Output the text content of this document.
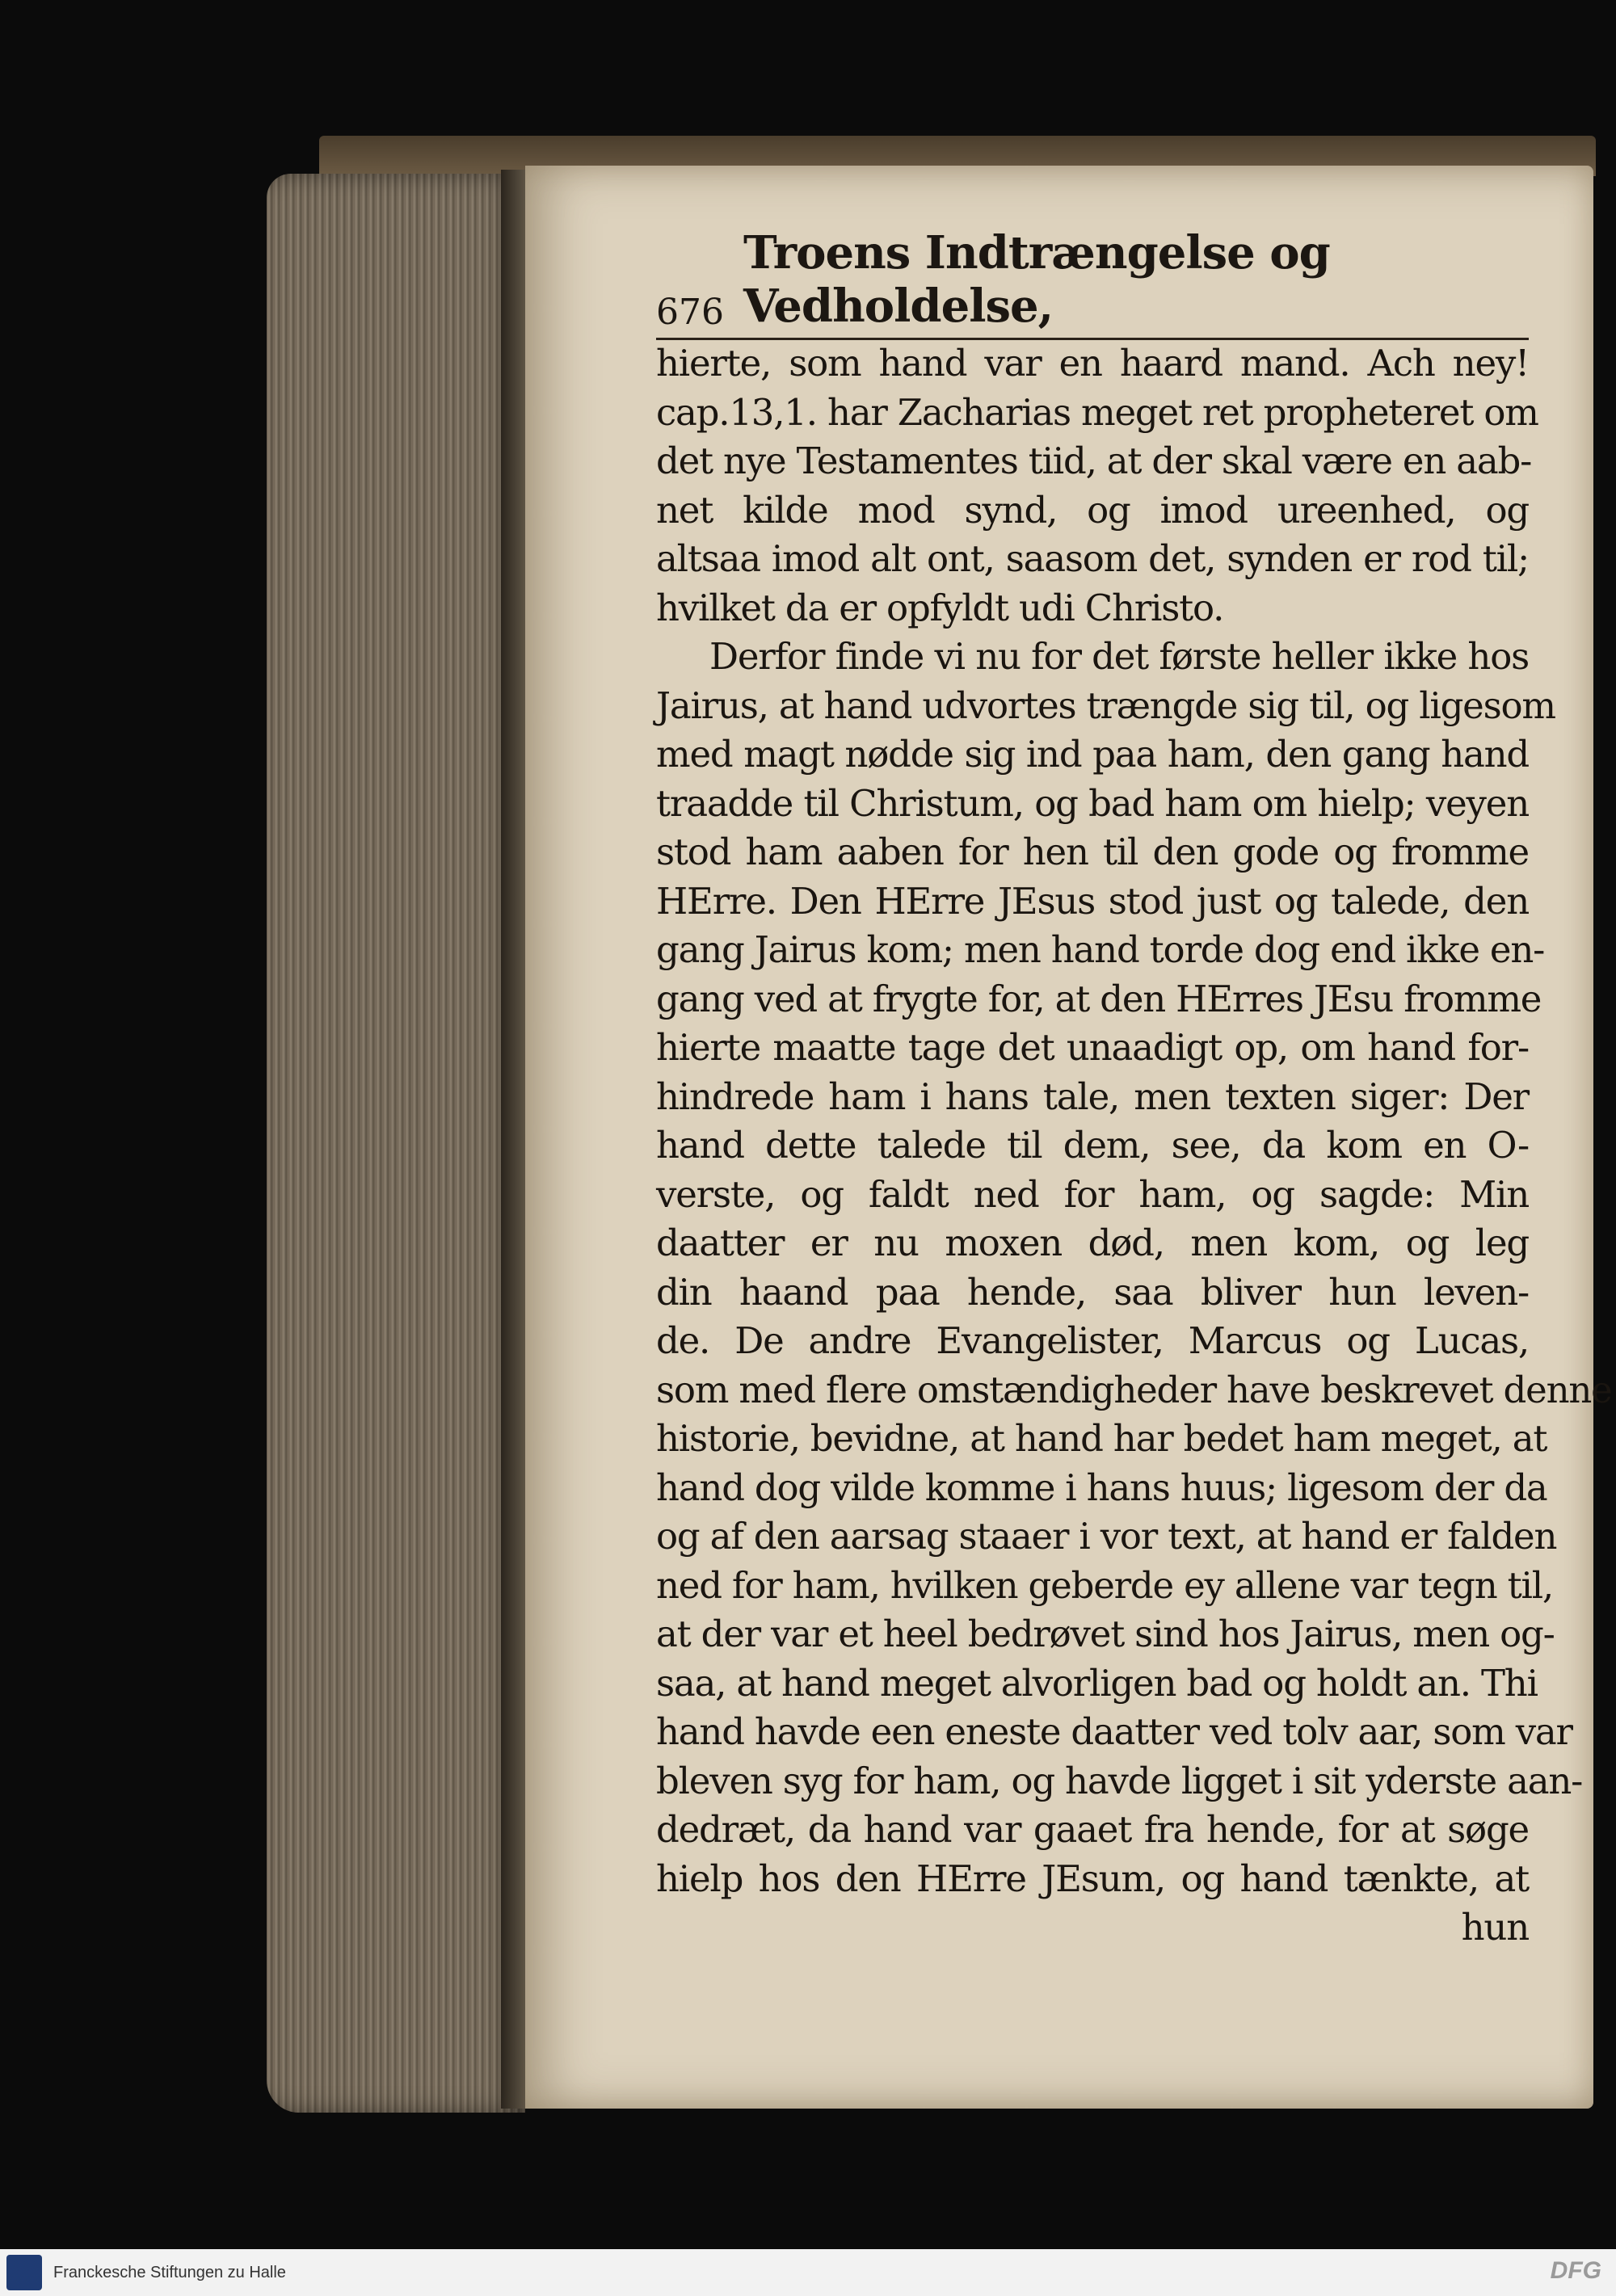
676
Troens Indtrængelse og Vedholdelse,
hierte, som hand var en haard mand. Ach ney!
cap.13,1. har Zacharias meget ret propheteret om
det nye Testamentes tiid, at der skal være en aab-
net kilde mod synd, og imod ureenhed, og
altsaa imod alt ont, saasom det, synden er rod til;
hvilket da er opfyldt udi Christo.
Derfor finde vi nu for det første heller ikke hos
Jairus, at hand udvortes trængde sig til, og ligesom
med magt nødde sig ind paa ham, den gang hand
traadde til Christum, og bad ham om hielp; veyen
stod ham aaben for hen til den gode og fromme
HErre. Den HErre JEsus stod just og talede, den
gang Jairus kom; men hand torde dog end ikke en-
gang ved at frygte for, at den HErres JEsu fromme
hierte maatte tage det unaadigt op, om hand for-
hindrede ham i hans tale, men texten siger: Der
hand dette talede til dem, see, da kom en O-
verste, og faldt ned for ham, og sagde: Min
daatter er nu moxen død, men kom, og leg
din haand paa hende, saa bliver hun leven-
de. De andre Evangelister, Marcus og Lucas,
som med flere omstændigheder have beskrevet denne
historie, bevidne, at hand har bedet ham meget, at
hand dog vilde komme i hans huus; ligesom der da
og af den aarsag staaer i vor text, at hand er falden
ned for ham, hvilken geberde ey allene var tegn til,
at der var et heel bedrøvet sind hos Jairus, men og-
saa, at hand meget alvorligen bad og holdt an. Thi
hand havde een eneste daatter ved tolv aar, som var
bleven syg for ham, og havde ligget i sit yderste aan-
dedræt, da hand var gaaet fra hende, for at søge
hielp hos den HErre JEsum, og hand tænkte, at
hun
Franckesche Stiftungen zu Halle	DFG
